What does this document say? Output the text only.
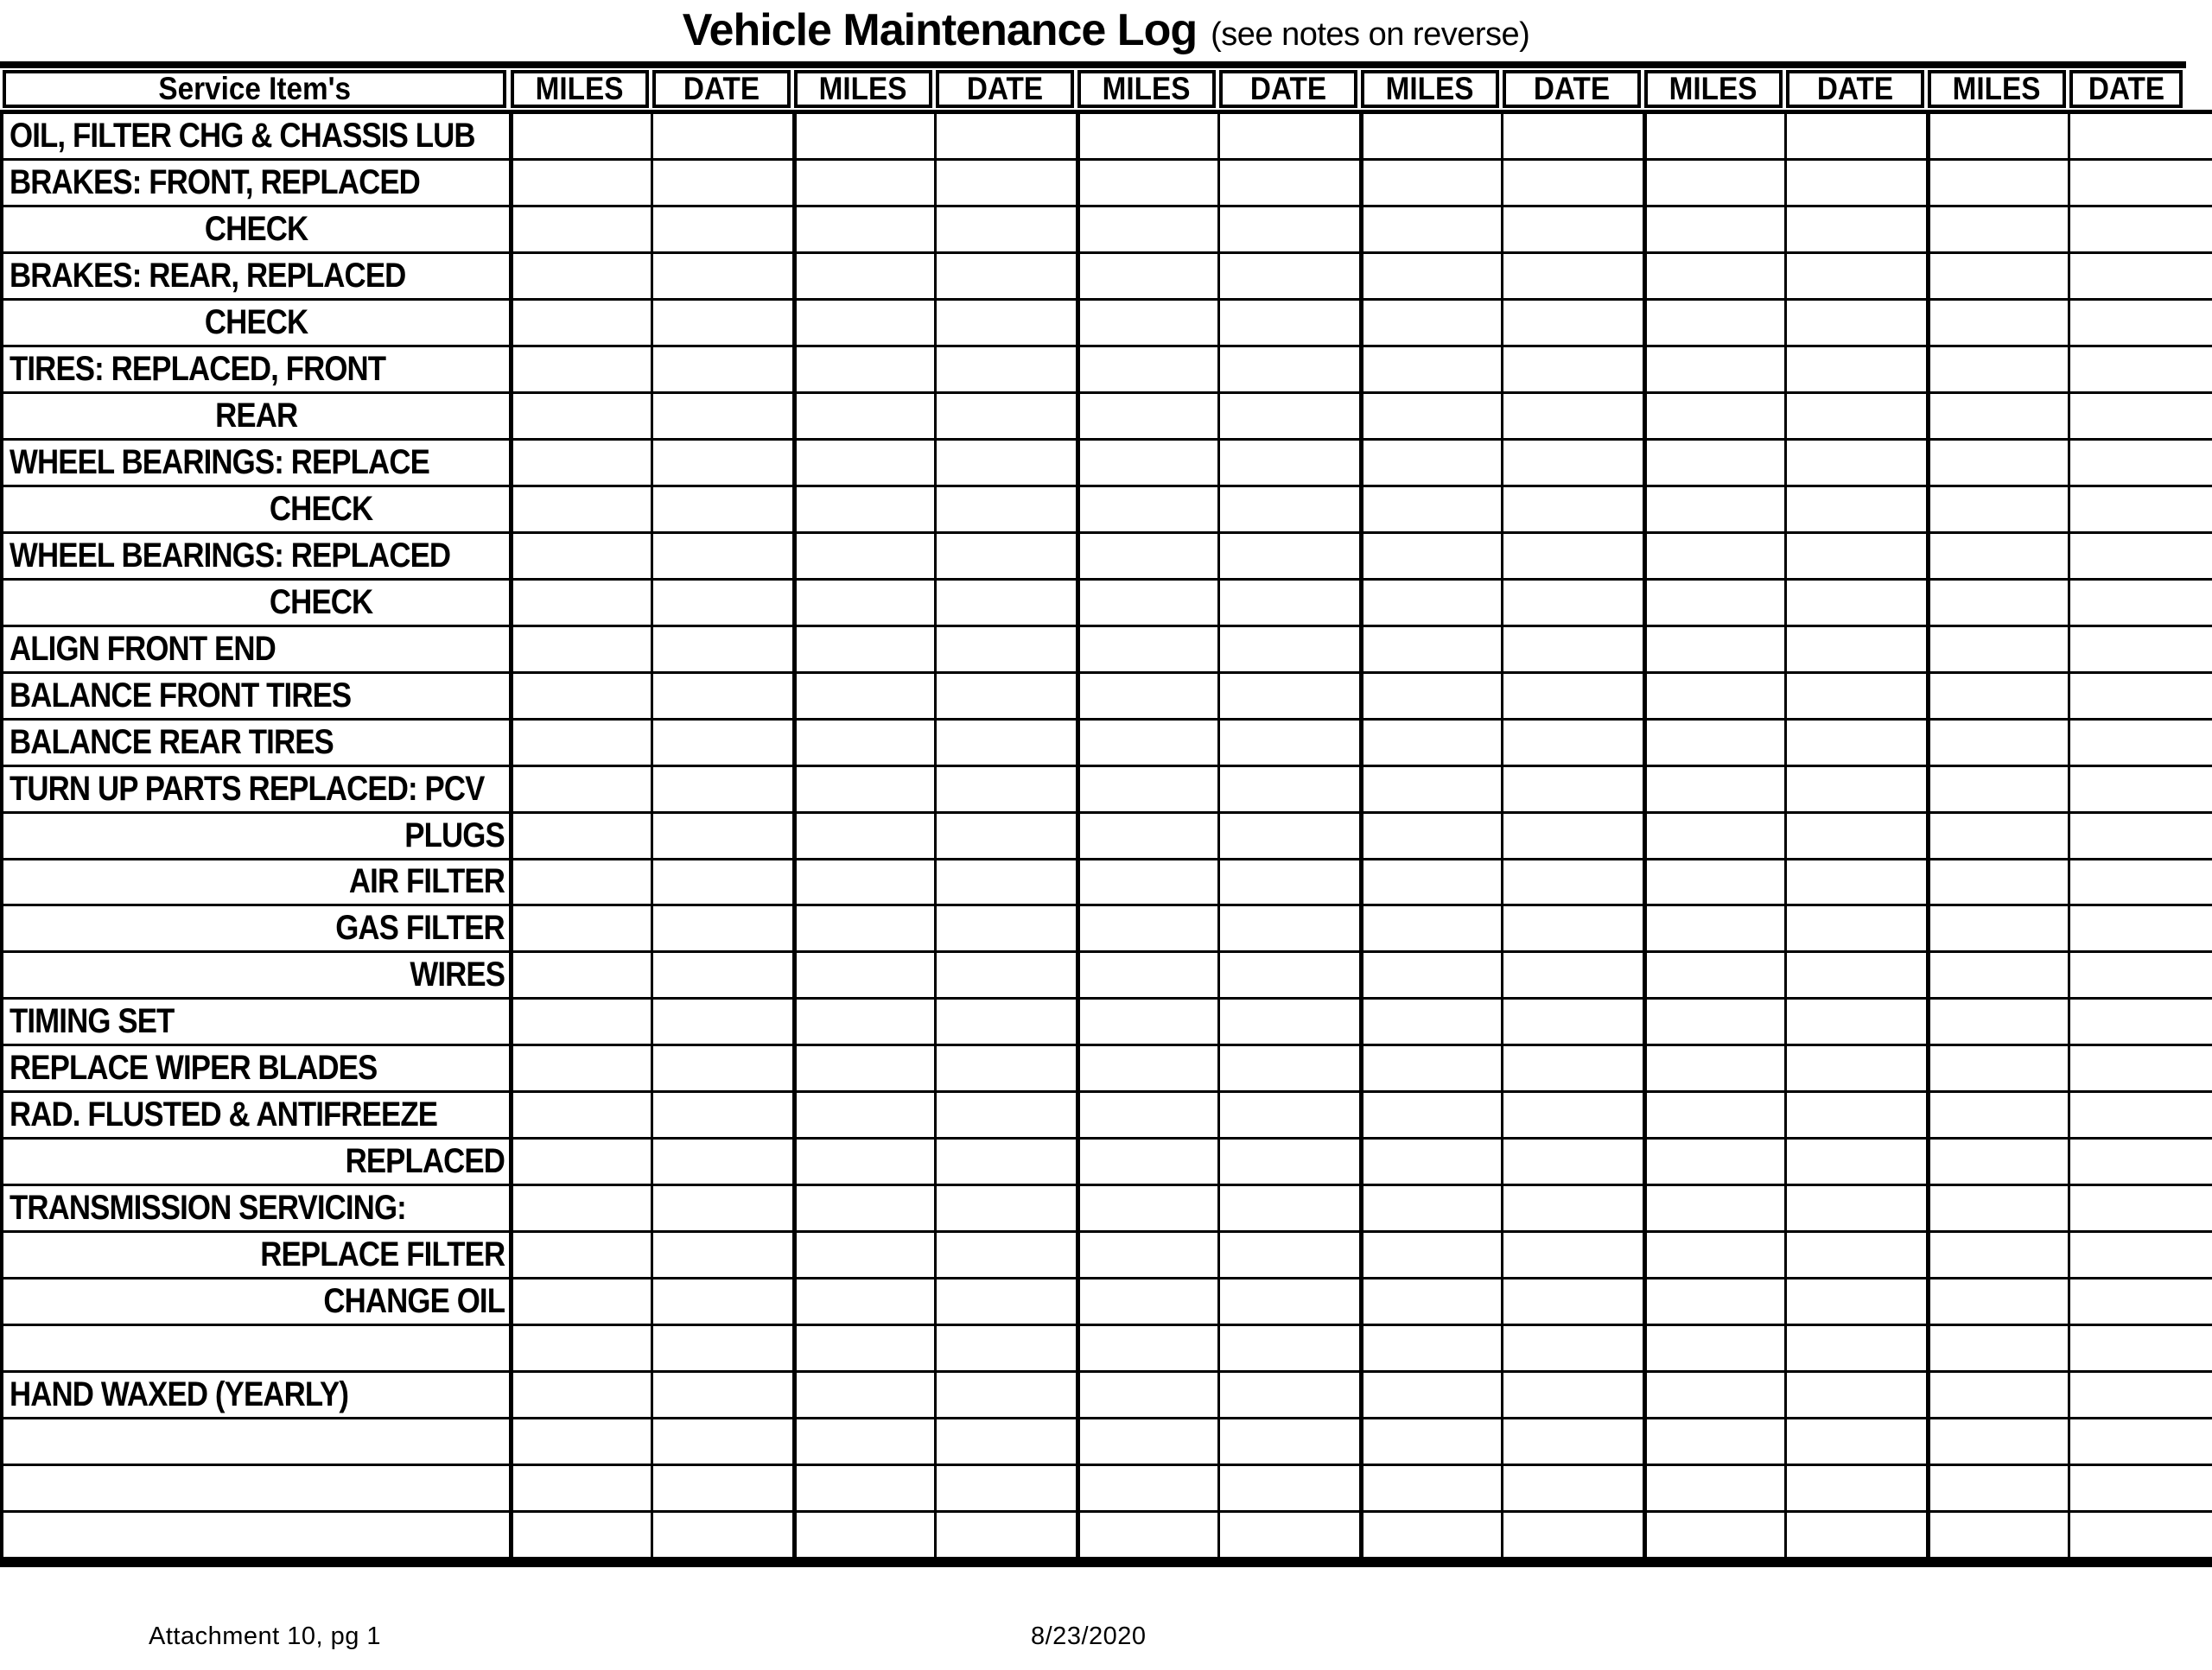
Vehicle Maintenance Log (see notes on reverse)
Service Item's	MILES DATE MILES DATE MILES DATE MILES DATE MILES DATE MILES DATE
OIL, FILTER CHG & CHASSIS LUB
BRAKES: FRONT, REPLACED
CHECK
BRAKES: REAR, REPLACED
CHECK
TIRES: REPLACED, FRONT
REAR
WHEEL BEARINGS: REPLACE
CHECK
WHEEL BEARINGS: REPLACED
CHECK
ALIGN FRONT END
BALANCE FRONT TIRES
BALANCE REAR TIRES
TURN UP PARTS REPLACED: PCV
PLUGS
AIR FILTER
GAS FILTER
WIRES
TIMING SET
REPLACE WIPER BLADES
RAD. FLUSTED & ANTIFREEZE
REPLACED
TRANSMISSION SERVICING:
REPLACE FILTER
CHANGE OIL
HAND WAXED (YEARLY)
Attachment 10, pg 1	8/23/2020
